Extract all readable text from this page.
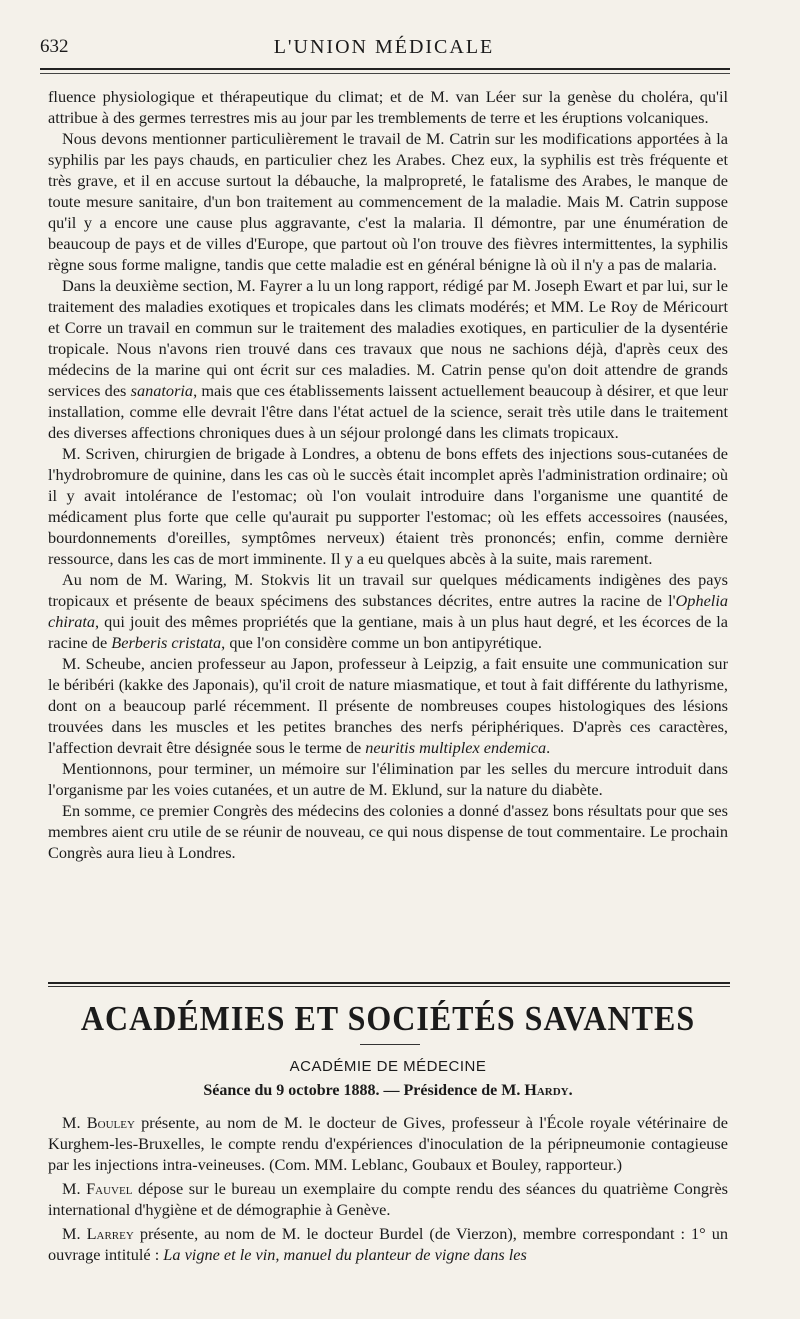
632	L'UNION MÉDICALE

fluence physiologique et thérapeutique du climat; et de M. van Léer sur la genèse du choléra, qu'il attribue à des germes terrestres mis au jour par les tremblements de terre et les éruptions volcaniques.

Nous devons mentionner particulièrement le travail de M. Catrin sur les modifications apportées à la syphilis par les pays chauds, en particulier chez les Arabes. Chez eux, la syphilis est très fréquente et très grave, et il en accuse surtout la débauche, la malpropreté, le fatalisme des Arabes, le manque de toute mesure sanitaire, d'un bon traitement au commencement de la maladie. Mais M. Catrin suppose qu'il y a encore une cause plus aggravante, c'est la malaria. Il démontre, par une énumération de beaucoup de pays et de villes d'Europe, que partout où l'on trouve des fièvres intermittentes, la syphilis règne sous forme maligne, tandis que cette maladie est en général bénigne là où il n'y a pas de malaria.

Dans la deuxième section, M. Fayrer a lu un long rapport, rédigé par M. Joseph Ewart et par lui, sur le traitement des maladies exotiques et tropicales dans les climats modérés; et MM. Le Roy de Méricourt et Corre un travail en commun sur le traitement des maladies exotiques, en particulier de la dysentérie tropicale. Nous n'avons rien trouvé dans ces travaux que nous ne sachions déjà, d'après ceux des médecins de la marine qui ont écrit sur ces maladies. M. Catrin pense qu'on doit attendre de grands services des sanatoria, mais que ces établissements laissent actuellement beaucoup à désirer, et que leur installation, comme elle devrait l'être dans l'état actuel de la science, serait très utile dans le traitement des diverses affections chroniques dues à un séjour prolongé dans les climats tropicaux.

M. Scriven, chirurgien de brigade à Londres, a obtenu de bons effets des injections sous-cutanées de l'hydrobromure de quinine, dans les cas où le succès était incomplet après l'administration ordinaire; où il y avait intolérance de l'estomac; où l'on voulait introduire dans l'organisme une quantité de médicament plus forte que celle qu'aurait pu supporter l'estomac; où les effets accessoires (nausées, bourdonnements d'oreilles, symptômes nerveux) étaient très prononcés; enfin, comme dernière ressource, dans les cas de mort imminente. Il y a eu quelques abcès à la suite, mais rarement.

Au nom de M. Waring, M. Stokvis lit un travail sur quelques médicaments indigènes des pays tropicaux et présente de beaux spécimens des substances décrites, entre autres la racine de l'Ophelia chirata, qui jouit des mêmes propriétés que la gentiane, mais à un plus haut degré, et les écorces de la racine de Berberis cristata, que l'on considère comme un bon antipyrétique.

M. Scheube, ancien professeur au Japon, professeur à Leipzig, a fait ensuite une communication sur le béribéri (kakke des Japonais), qu'il croit de nature miasmatique, et tout à fait différente du lathyrisme, dont on a beaucoup parlé récemment. Il présente de nombreuses coupes histologiques des lésions trouvées dans les muscles et les petites branches des nerfs périphériques. D'après ces caractères, l'affection devrait être désignée sous le terme de neuritis multiplex endemica.

Mentionnons, pour terminer, un mémoire sur l'élimination par les selles du mercure introduit dans l'organisme par les voies cutanées, et un autre de M. Eklund, sur la nature du diabète.

En somme, ce premier Congrès des médecins des colonies a donné d'assez bons résultats pour que ses membres aient cru utile de se réunir de nouveau, ce qui nous dispense de tout commentaire. Le prochain Congrès aura lieu à Londres.

ACADÉMIES ET SOCIÉTÉS SAVANTES
ACADÉMIE DE MÉDECINE
Séance du 9 octobre 1888. — Présidence de M. Hardy.

M. Bouley présente, au nom de M. le docteur de Gives, professeur à l'École royale vétérinaire de Kurghem-les-Bruxelles, le compte rendu d'expériences d'inoculation de la péripneumonie contagieuse par les injections intra-veineuses. (Com. MM. Leblanc, Goubaux et Bouley, rapporteur.)

M. Fauvel dépose sur le bureau un exemplaire du compte rendu des séances du quatrième Congrès international d'hygiène et de démographie à Genève.

M. Larrey présente, au nom de M. le docteur Burdel (de Vierzon), membre correspondant : 1° un ouvrage intitulé : La vigne et le vin, manuel du planteur de vigne dans les
